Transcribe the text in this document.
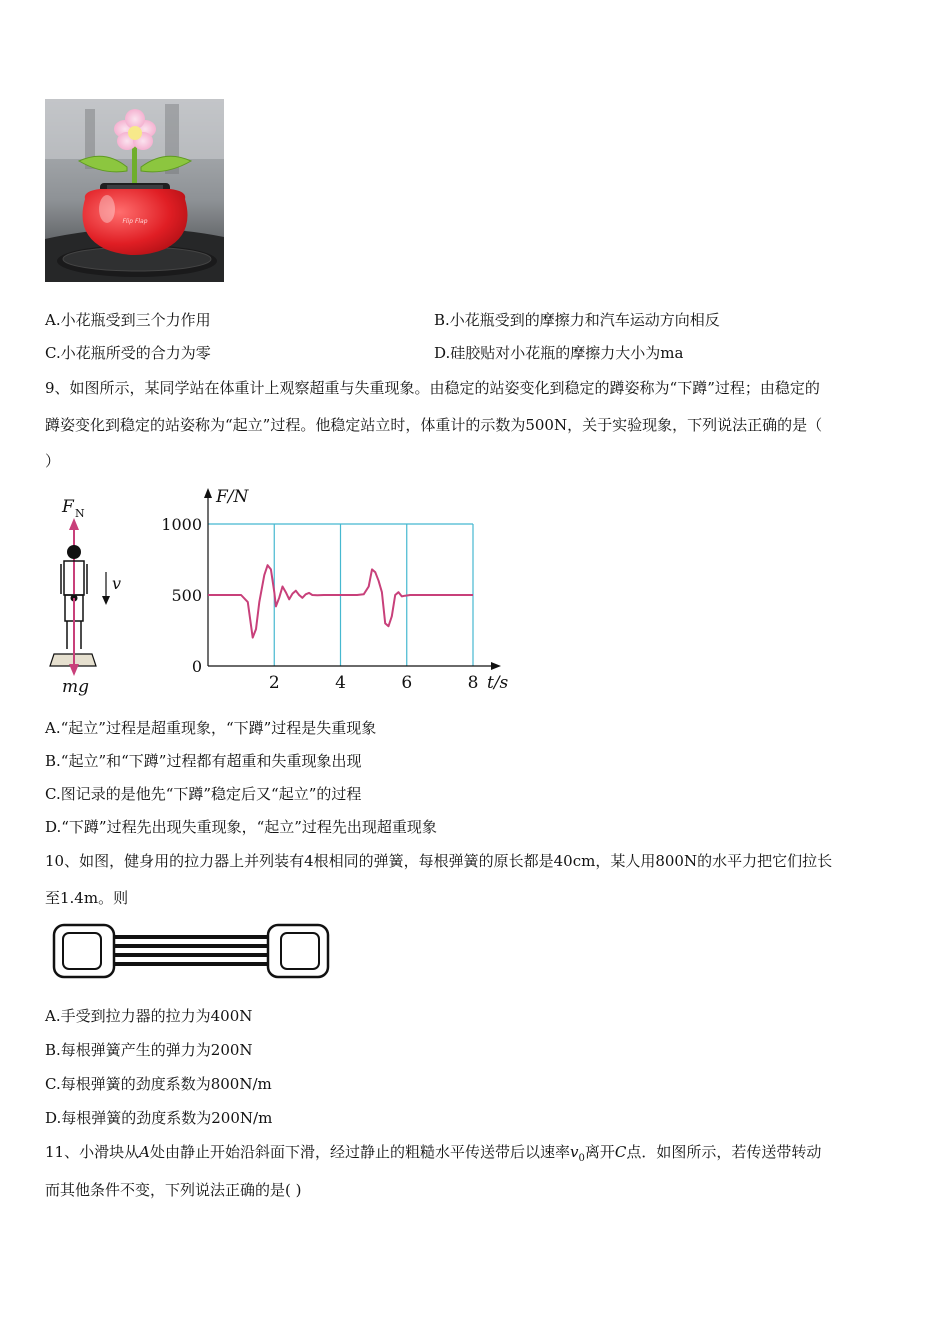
Flip Flap
A.小花瓶受到三个力作用	B.小花瓶受到的摩擦力和汽车运动方向相反
C.小花瓶所受的合力为零	D.硅胶贴对小花瓶的摩擦力大小为ma
9、如图所示，某同学站在体重计上观察超重与失重现象。由稳定的站姿变化到稳定的蹲姿称为“下蹲”过程；由稳定的
蹲姿变化到稳定的站姿称为“起立”过程。他稳定站立时，体重计的示数为500N，关于实验现象，下列说法正确的是（
）
F N
mg
v
0
500
1000
2	4	6	8
F/N
t/s
A.“起立”过程是超重现象，“下蹲”过程是失重现象
B.“起立”和“下蹲”过程都有超重和失重现象出现
C.图记录的是他先“下蹲”稳定后又“起立”的过程
D.“下蹲”过程先出现失重现象，“起立”过程先出现超重现象
10、如图，健身用的拉力器上并列装有4根相同的弹簧，每根弹簧的原长都是40cm，某人用800N的水平力把它们拉长
至1.4m。则
A.手受到拉力器的拉力为400N
B.每根弹簧产生的弹力为200N
C.每根弹簧的劲度系数为800N/m
D.每根弹簧的劲度系数为200N/m
11、小滑块从A处由静止开始沿斜面下滑，经过静止的粗糙水平传送带后以速率$v_0$离开C点．如图所示，若传送带转动
而其他条件不变，下列说法正确的是( )
